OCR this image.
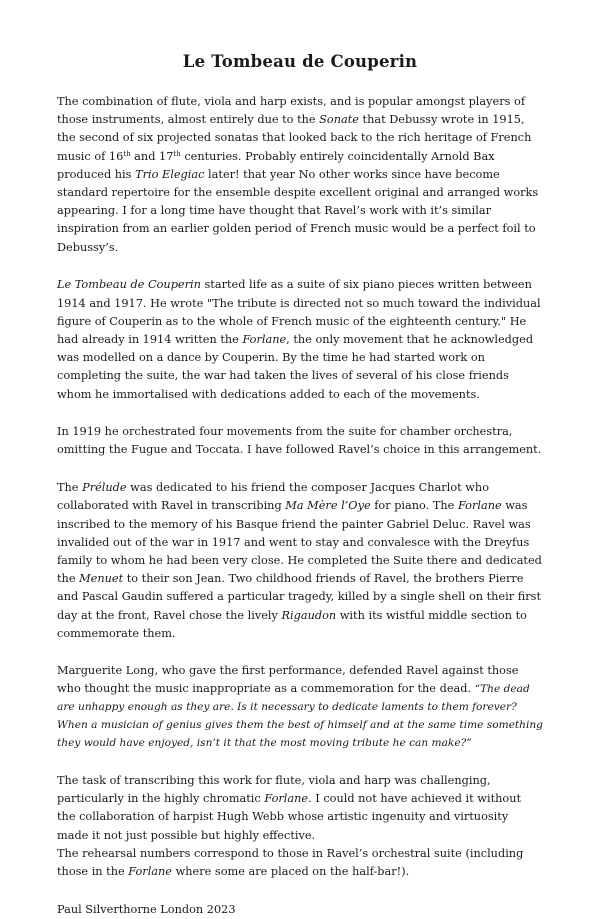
Le Tombeau de Couperin

The combination of flute, viola and harp exists, and is popular amongst players of those instruments, almost entirely due to the Sonate that Debussy wrote in 1915, the second of six projected sonatas that looked back to the rich heritage of French music of 16th and 17th centuries. Probably entirely coincidentally Arnold Bax produced his Trio Elegiac later! that year No other works since have become standard repertoire for the ensemble despite excellent original and arranged works appearing. I for a long time have thought that Ravel’s work with it’s similar inspiration from an earlier golden period of French music would be a perfect foil to Debussy’s.

Le Tombeau de Couperin started life as a suite of six piano pieces written between 1914 and 1917. He wrote "The tribute is directed not so much toward the individual figure of Couperin as to the whole of French music of the eighteenth century." He had already in 1914 written the Forlane, the only movement that he acknowledged was modelled on a dance by Couperin. By the time he had started work on completing the suite, the war had taken the lives of several of his close friends whom he immortalised with dedications added to each of the movements.

In 1919 he orchestrated four movements from the suite for chamber orchestra, omitting the Fugue and Toccata. I have followed Ravel’s choice in this arrangement.

The Prélude was dedicated to his friend the composer Jacques Charlot who collaborated with Ravel in transcribing Ma Mère l’Oye for piano. The Forlane was inscribed to the memory of his Basque friend the painter Gabriel Deluc. Ravel was invalided out of the war in 1917 and went to stay and convalesce with the Dreyfus family to whom he had been very close. He completed the Suite there and dedicated the Menuet to their son Jean. Two childhood friends of Ravel, the brothers Pierre and Pascal Gaudin suffered a particular tragedy, killed by a single shell on their first day at the front, Ravel chose the lively Rigaudon with its wistful middle section to commemorate them.

Marguerite Long, who gave the first performance, defended Ravel against those who thought the music inappropriate as a commemoration for the dead. “The dead are unhappy enough as they are. Is it necessary to dedicate laments to them forever? When a musician of genius gives them the best of himself and at the same time something they would have enjoyed, isn’t it that the most moving tribute he can make?”

The task of transcribing this work for flute, viola and harp was challenging, particularly in the highly chromatic Forlane. I could not have achieved it without the collaboration of harpist Hugh Webb whose artistic ingenuity and virtuosity made it not just possible but highly effective.

The rehearsal numbers correspond to those in Ravel’s orchestral suite (including those in the Forlane where some are placed on the half-bar!).

Paul Silverthorne London 2023
